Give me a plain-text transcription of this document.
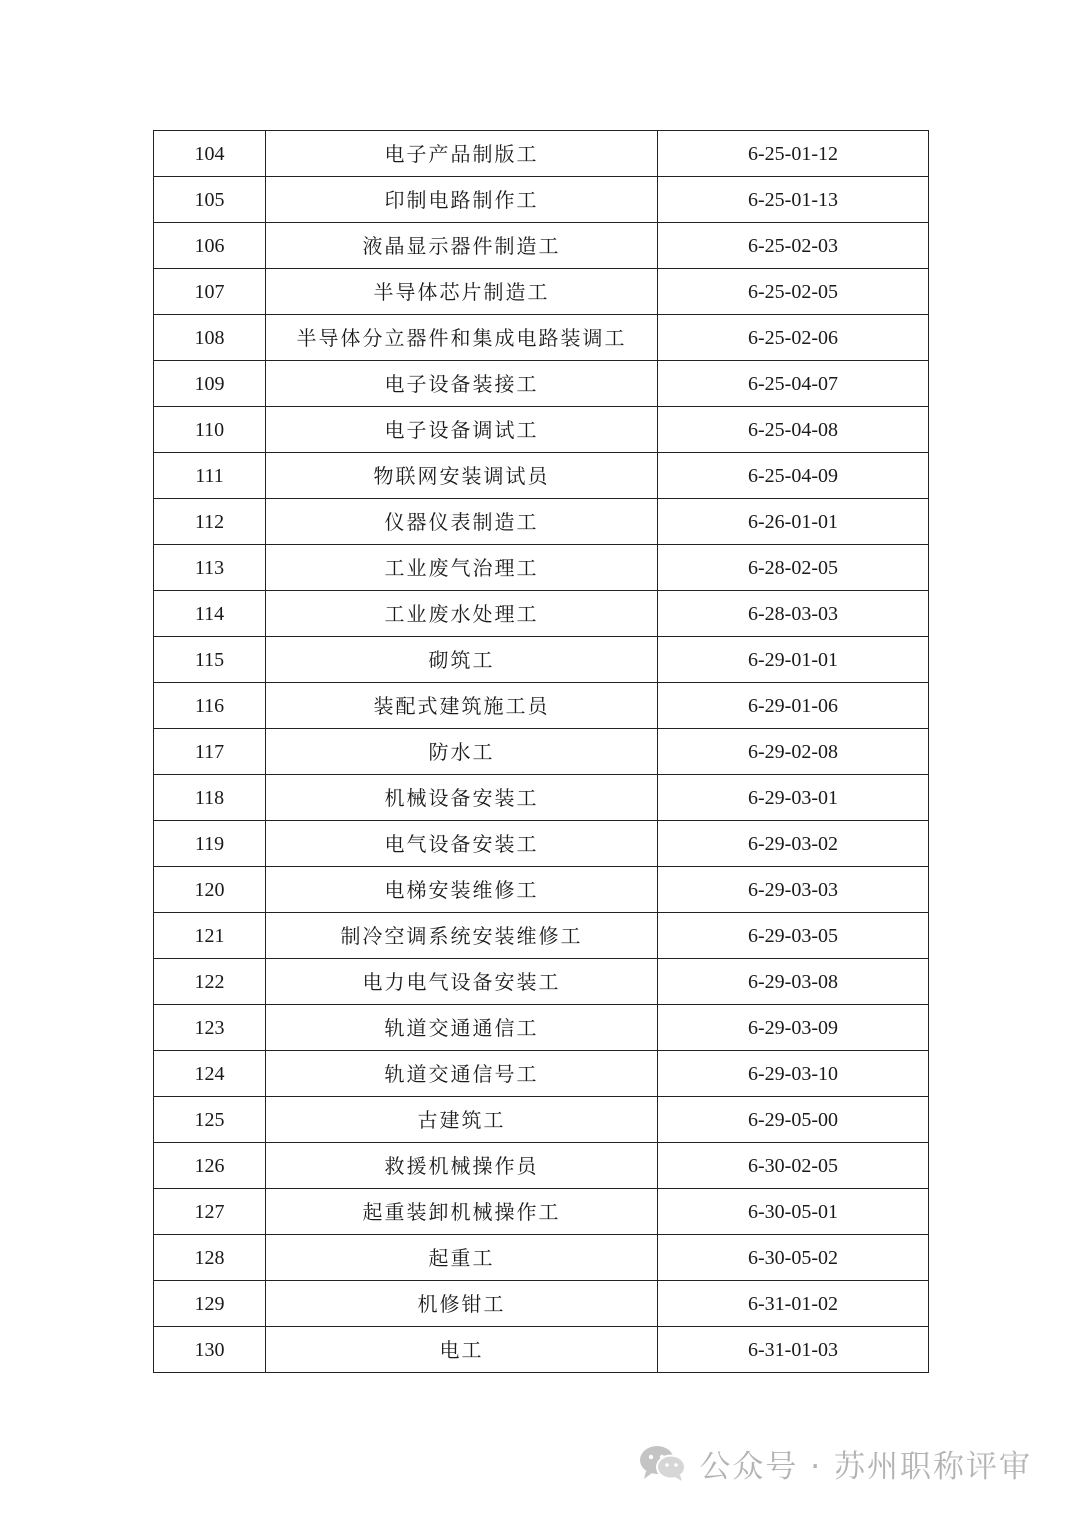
104	电子产品制版工	6-25-01-12
105	印制电路制作工	6-25-01-13
106	液晶显示器件制造工	6-25-02-03
107	半导体芯片制造工	6-25-02-05
108	半导体分立器件和集成电路装调工	6-25-02-06
109	电子设备装接工	6-25-04-07
110	电子设备调试工	6-25-04-08
111	物联网安装调试员	6-25-04-09
112	仪器仪表制造工	6-26-01-01
113	工业废气治理工	6-28-02-05
114	工业废水处理工	6-28-03-03
115	砌筑工	6-29-01-01
116	装配式建筑施工员	6-29-01-06
117	防水工	6-29-02-08
118	机械设备安装工	6-29-03-01
119	电气设备安装工	6-29-03-02
120	电梯安装维修工	6-29-03-03
121	制冷空调系统安装维修工	6-29-03-05
122	电力电气设备安装工	6-29-03-08
123	轨道交通通信工	6-29-03-09
124	轨道交通信号工	6-29-03-10
125	古建筑工	6-29-05-00
126	救援机械操作员	6-30-02-05
127	起重装卸机械操作工	6-30-05-01
128	起重工	6-30-05-02
129	机修钳工	6-31-01-02
130	电工	6-31-01-03
公众号 · 苏州职称评审
